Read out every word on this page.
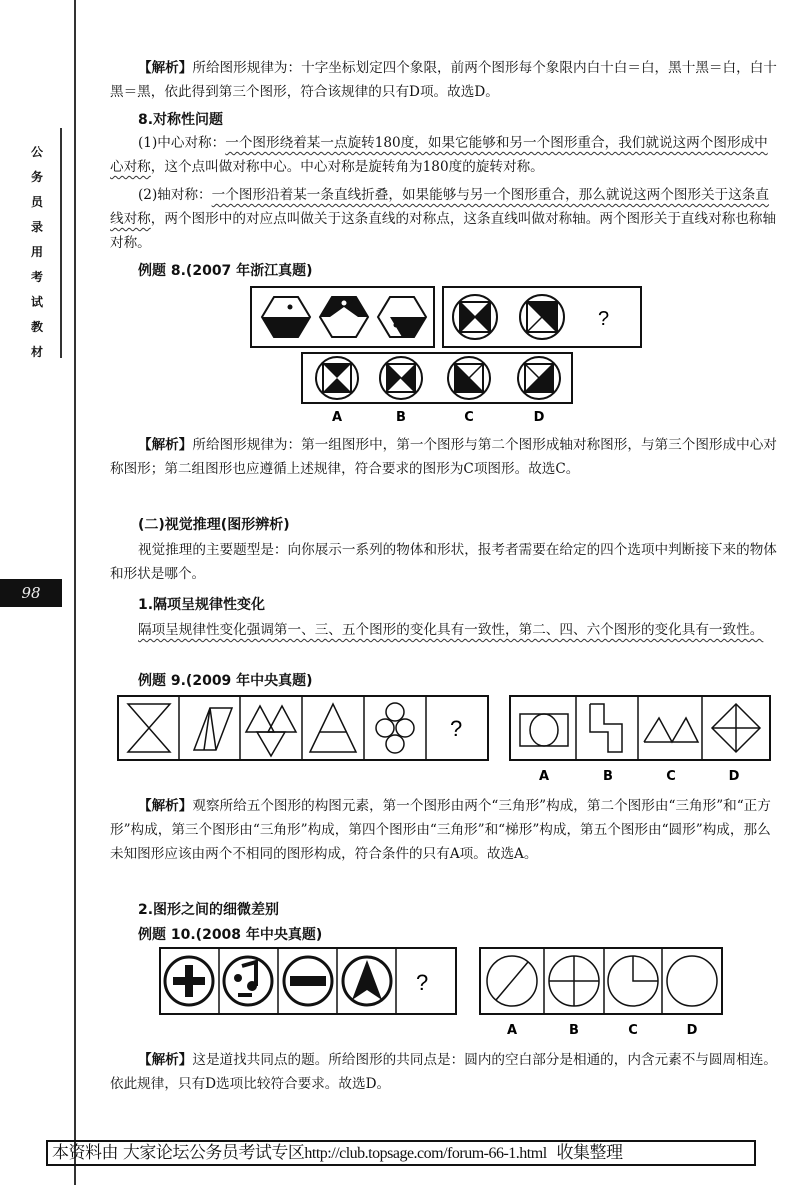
公
务
员
录
用
考
试
教
材
98
【解析】所给图形规律为：十字坐标划定四个象限，前两个图形每个象限内白十白＝白，黑十黑＝白，白十黑＝黑，依此得到第三个图形，符合该规律的只有D项。故选D。
8.对称性问题
(1)中心对称：一个图形绕着某一点旋转180度，如果它能够和另一个图形重合，我们就说这两个图形成中心对称，这个点叫做对称中心。中心对称是旋转角为180度的旋转对称。
(2)轴对称：一个图形沿着某一条直线折叠，如果能够与另一个图形重合，那么就说这两个图形关于这条直线对称，两个图形中的对应点叫做关于这条直线的对称点，这条直线叫做对称轴。两个图形关于直线对称也称轴对称。
例题 8.(2007 年浙江真题)
?
A	B	C	D
【解析】所给图形规律为：第一组图形中，第一个图形与第二个图形成轴对称图形，与第三个图形成中心对称图形；第二组图形也应遵循上述规律，符合要求的图形为C项图形。故选C。
(二)视觉推理(图形辨析)
视觉推理的主要题型是：向你展示一系列的物体和形状，报考者需要在给定的四个选项中判断接下来的物体和形状是哪个。
1.隔项呈规律性变化
隔项呈规律性变化强调第一、三、五个图形的变化具有一致性，第二、四、六个图形的变化具有一致性。
例题 9.(2009 年中央真题)
?
A	B	C	D
【解析】观察所给五个图形的构图元素，第一个图形由两个“三角形”构成，第二个图形由“三角形”和“正方形”构成，第三个图形由“三角形”构成，第四个图形由“三角形”和“梯形”构成，第五个图形由“圆形”构成，那么未知图形应该由两个不相同的图形构成，符合条件的只有A项。故选A。
2.图形之间的细微差别
例题 10.(2008 年中央真题)
?
A	B	C	D
【解析】这是道找共同点的题。所给图形的共同点是：圆内的空白部分是相通的，内含元素不与圆周相连。依此规律，只有D选项比较符合要求。故选D。
本资料由 大家论坛公务员考试专区http://club.topsage.com/forum-66-1.html 收集整理
